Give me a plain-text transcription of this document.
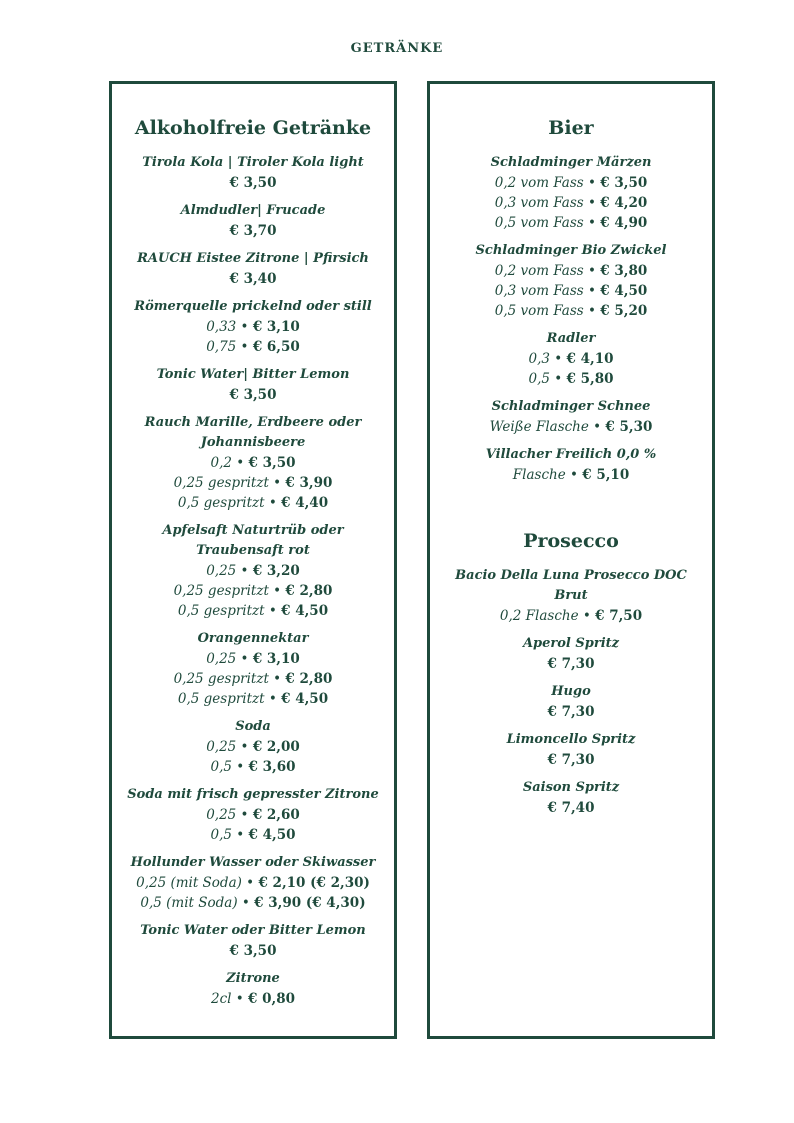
GETRÄNKE
Alkoholfreie Getränke
Tirola Kola | Tiroler Kola light
€ 3,50
Almdudler| Frucade
€ 3,70
RAUCH Eistee Zitrone | Pfirsich
€ 3,40
Römerquelle prickelnd oder still
0,33 • € 3,10
0,75 • € 6,50
Tonic Water| Bitter Lemon
€ 3,50
Rauch Marille, Erdbeere oder Johannisbeere
0,2 • € 3,50
0,25 gespritzt • € 3,90
0,5 gespritzt • € 4,40
Apfelsaft Naturtrüb oder Traubensaft rot
0,25 • € 3,20
0,25 gespritzt • € 2,80
0,5 gespritzt • € 4,50
Orangennektar
0,25 • € 3,10
0,25 gespritzt • € 2,80
0,5 gespritzt • € 4,50
Soda
0,25 • € 2,00
0,5 • € 3,60
Soda mit frisch gepresster Zitrone
0,25 • € 2,60
0,5 • € 4,50
Hollunder Wasser oder Skiwasser
0,25 (mit Soda) • € 2,10 (€ 2,30)
0,5 (mit Soda) • € 3,90 (€ 4,30)
Tonic Water oder Bitter Lemon
€ 3,50
Zitrone
2cl • € 0,80
Bier
Schladminger Märzen
0,2 vom Fass • € 3,50
0,3 vom Fass • € 4,20
0,5 vom Fass • € 4,90
Schladminger Bio Zwickel
0,2 vom Fass • € 3,80
0,3 vom Fass • € 4,50
0,5 vom Fass • € 5,20
Radler
0,3 • € 4,10
0,5 • € 5,80
Schladminger Schnee
Weiße Flasche • € 5,30
Villacher Freilich 0,0 %
Flasche • € 5,10
Prosecco
Bacio Della Luna Prosecco DOC Brut
0,2 Flasche • € 7,50
Aperol Spritz
€ 7,30
Hugo
€ 7,30
Limoncello Spritz
€ 7,30
Saison Spritz
€ 7,40
